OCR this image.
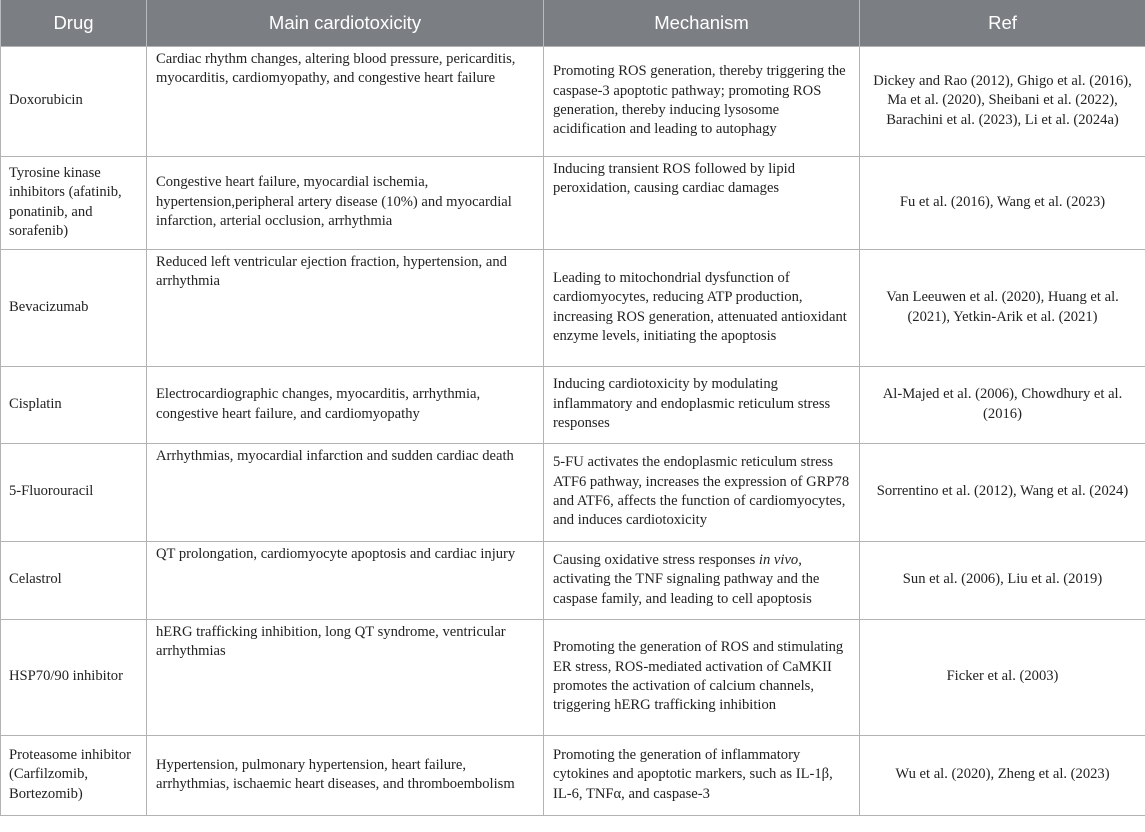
Drug	Main cardiotoxicity	Mechanism	Ref
Doxorubicin	Cardiac rhythm changes, altering blood pressure, pericarditis, myocarditis, cardiomyopathy, and congestive heart failure	Promoting ROS generation, thereby triggering the caspase-3 apoptotic pathway; promoting ROS generation, thereby inducing lysosome acidification and leading to autophagy	Dickey and Rao (2012), Ghigo et al. (2016), Ma et al. (2020), Sheibani et al. (2022), Barachini et al. (2023), Li et al. (2024a)
Tyrosine kinase inhibitors (afatinib, ponatinib, and sorafenib)	Congestive heart failure, myocardial ischemia, hypertension,peripheral artery disease (10%) and myocardial infarction, arterial occlusion, arrhythmia	Inducing transient ROS followed by lipid peroxidation, causing cardiac damages	Fu et al. (2016), Wang et al. (2023)
Bevacizumab	Reduced left ventricular ejection fraction, hypertension, and arrhythmia	Leading to mitochondrial dysfunction of cardiomyocytes, reducing ATP production, increasing ROS generation, attenuated antioxidant enzyme levels, initiating the apoptosis	Van Leeuwen et al. (2020), Huang et al. (2021), Yetkin-Arik et al. (2021)
Cisplatin	Electrocardiographic changes, myocarditis, arrhythmia, congestive heart failure, and cardiomyopathy	Inducing cardiotoxicity by modulating inflammatory and endoplasmic reticulum stress responses	Al-Majed et al. (2006), Chowdhury et al. (2016)
5-Fluorouracil	Arrhythmias, myocardial infarction and sudden cardiac death	5-FU activates the endoplasmic reticulum stress ATF6 pathway, increases the expression of GRP78 and ATF6, affects the function of cardiomyocytes, and induces cardiotoxicity	Sorrentino et al. (2012), Wang et al. (2024)
Celastrol	QT prolongation, cardiomyocyte apoptosis and cardiac injury	Causing oxidative stress responses in vivo, activating the TNF signaling pathway and the caspase family, and leading to cell apoptosis	Sun et al. (2006), Liu et al. (2019)
HSP70/90 inhibitor	hERG trafficking inhibition, long QT syndrome, ventricular arrhythmias	Promoting the generation of ROS and stimulating ER stress, ROS-mediated activation of CaMKII promotes the activation of calcium channels, triggering hERG trafficking inhibition	Ficker et al. (2003)
Proteasome inhibitor (Carfilzomib, Bortezomib)	Hypertension, pulmonary hypertension, heart failure, arrhythmias, ischaemic heart diseases, and thromboembolism	Promoting the generation of inflammatory cytokines and apoptotic markers, such as IL-1β, IL-6, TNFα, and caspase-3	Wu et al. (2020), Zheng et al. (2023)
